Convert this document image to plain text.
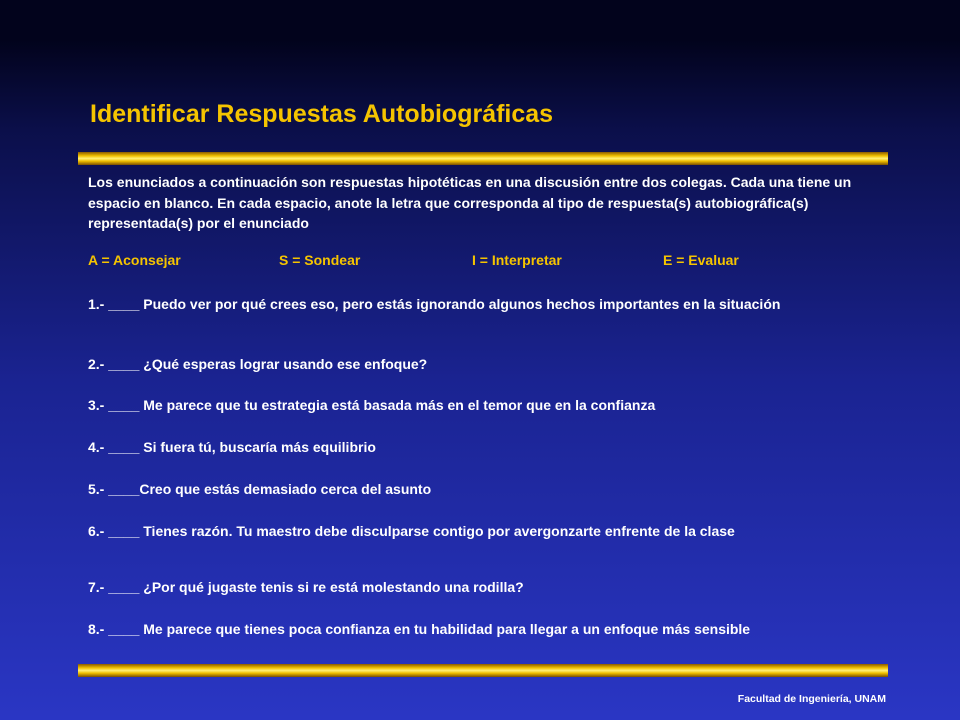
Identificar Respuestas Autobiográficas

Los enunciados a continuación son respuestas hipotéticas en una discusión entre dos colegas. Cada una tiene un espacio en blanco. En cada espacio, anote la letra que corresponda al tipo de respuesta(s) autobiográfica(s) representada(s) por el enunciado

A = Aconsejar	S = Sondear	I = Interpretar	E = Evaluar
1.- ____ Puedo ver por qué crees eso, pero estás ignorando algunos hechos importantes en la situación
2.- ____ ¿Qué esperas lograr usando ese enfoque?
3.- ____ Me parece que tu estrategia está basada más en el temor que en la confianza
4.- ____ Si fuera tú, buscaría más equilibrio
5.- ____Creo que estás demasiado cerca del asunto
6.- ____ Tienes razón. Tu maestro debe disculparse contigo por avergonzarte enfrente de la clase
7.- ____ ¿Por qué jugaste tenis si re está molestando una rodilla?
8.- ____ Me parece que tienes poca confianza en tu habilidad para llegar a un enfoque más sensible
Facultad de Ingeniería, UNAM
